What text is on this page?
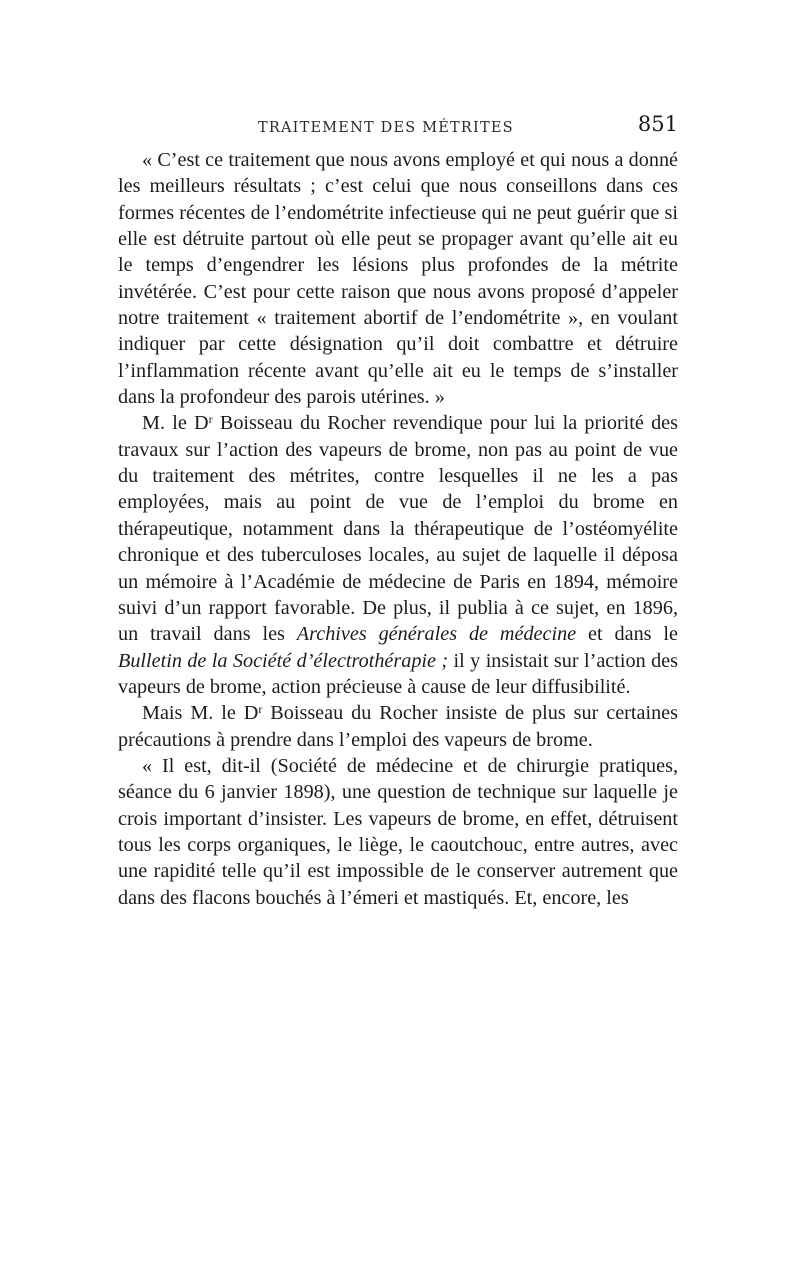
TRAITEMENT DES MÉTRITES	851

« C’est ce traitement que nous avons employé et qui nous a donné les meilleurs résultats ; c’est celui que nous conseillons dans ces formes récentes de l’endométrite infectieuse qui ne peut guérir que si elle est détruite partout où elle peut se propager avant qu’elle ait eu le temps d’engendrer les lésions plus profondes de la métrite invétérée. C’est pour cette raison que nous avons proposé d’appeler notre traitement « traitement abortif de l’endométrite », en voulant indiquer par cette désignation qu’il doit combattre et détruire l’inflammation récente avant qu’elle ait eu le temps de s’installer dans la profondeur des parois utérines. »

M. le $D^r$ Boisseau du Rocher revendique pour lui la priorité des travaux sur l’action des vapeurs de brome, non pas au point de vue du traitement des métrites, contre lesquelles il ne les a pas employées, mais au point de vue de l’emploi du brome en thérapeutique, notamment dans la thérapeutique de l’ostéomyélite chronique et des tuberculoses locales, au sujet de laquelle il déposa un mémoire à l’Académie de médecine de Paris en 1894, mémoire suivi d’un rapport favorable. De plus, il publia à ce sujet, en 1896, un travail dans les Archives générales de médecine et dans le Bulletin de la Société d’électrothérapie ; il y insistait sur l’action des vapeurs de brome, action précieuse à cause de leur diffusibilité.

Mais M. le $D^r$ Boisseau du Rocher insiste de plus sur certaines précautions à prendre dans l’emploi des vapeurs de brome.

« Il est, dit-il (Société de médecine et de chirurgie pratiques, séance du 6 janvier 1898), une question de technique sur laquelle je crois important d’insister. Les vapeurs de brome, en effet, détruisent tous les corps organiques, le liège, le caoutchouc, entre autres, avec une rapidité telle qu’il est impossible de le conserver autrement que dans des flacons bouchés à l’émeri et mastiqués. Et, encore, les
